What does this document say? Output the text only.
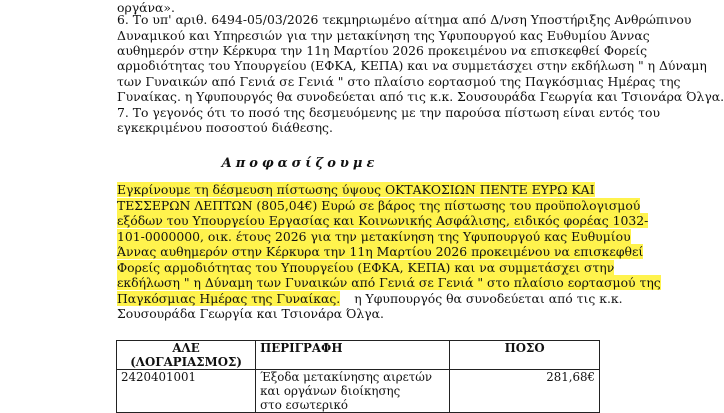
οργάνα».
6. Το υπ' αριθ. 6494-05/03/2026 τεκμηριωμένο αίτημα από Δ/νση Υποστήριξης Ανθρώπινου
Δυναμικού και Υπηρεσιών για την μετακίνηση της Υφυπουργού κας Ευθυμίου Άννας
αυθημερόν στην Κέρκυρα την 11η Μαρτίου 2026 προκειμένου να επισκεφθεί Φορείς
αρμοδιότητας του Υπουργείου (ΕΦΚΑ, ΚΕΠΑ) και να συμμετάσχει στην εκδήλωση " η Δύναμη
των Γυναικών από Γενιά σε Γενιά " στο πλαίσιο εορτασμού της Παγκόσμιας Ημέρας της
Γυναίκας. η Υφυπουργός θα συνοδεύεται από τις κ.κ. Σουσουράδα Γεωργία και Τσιονάρα Όλγα.
7. Το γεγονός ότι το ποσό της δεσμευόμενης με την παρούσα πίστωση είναι εντός του
εγκεκριμένου ποσοστού διάθεσης.
Αποφασίζουμε
Εγκρίνουμε τη δέσμευση πίστωσης ύψους ΟΚΤΑΚΟΣΙΩΝ ΠΕΝΤΕ ΕΥΡΩ ΚΑΙ
ΤΕΣΣΕΡΩΝ ΛΕΠΤΩΝ (805,04€) Ευρώ σε βάρος της πίστωσης του προϋπολογισμού
εξόδων του Υπουργείου Εργασίας και Κοινωνικής Ασφάλισης, ειδικός φορέας 1032-
101-0000000, οικ. έτους 2026 για την μετακίνηση της Υφυπουργού κας Ευθυμίου
Άννας αυθημερόν στην Κέρκυρα την 11η Μαρτίου 2026 προκειμένου να επισκεφθεί
Φορείς αρμοδιότητας του Υπουργείου (ΕΦΚΑ, ΚΕΠΑ) και να συμμετάσχει στην
εκδήλωση " η Δύναμη των Γυναικών από Γενιά σε Γενιά " στο πλαίσιο εορτασμού της
Παγκόσμιας Ημέρας της Γυναίκας. η Υφυπουργός θα συνοδεύεται από τις κ.κ.
Σουσουράδα Γεωργία και Τσιονάρα Όλγα.
ΑΛΕ
(ΛΟΓΑΡΙΑΣΜΟΣ)	ΠΕΡΙΓΡΑΦΗ	ΠΟΣΟ
2420401001	Έξοδα μετακίνησης αιρετών και οργάνων διοίκησης
στο εσωτερικό	281,68€
